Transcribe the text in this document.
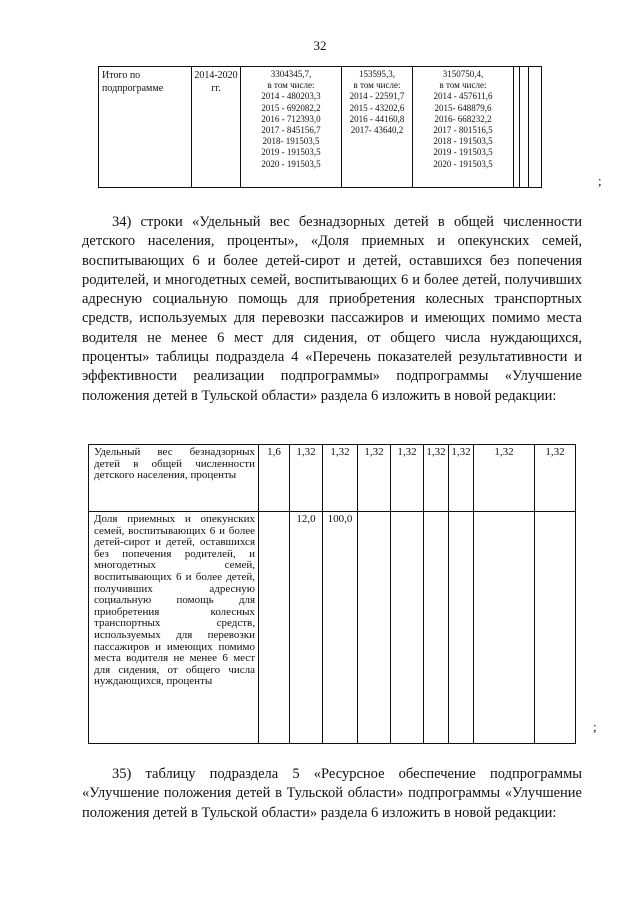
32
Итого по подпрограмме	2014-2020 гг.	
3304345,7,
в том числе:
2014 - 480203,3
2015 - 692082,2
2016 - 712393,0
2017 - 845156,7
2018- 191503,5
2019 - 191503,5
2020 - 191503,5

153595,3,
в том числе:
2014 - 22591,7
2015 - 43202,6
2016 - 44160,8
2017- 43640,2

3150750,4,
в том числе:
2014 - 457611,6
2015- 648879,6
2016- 668232,2
2017 - 801516,5
2018 - 191503,5
2019 - 191503,5
2020 - 191503,5

;

34) строки «Удельный вес безнадзорных детей в общей численности детского населения, проценты», «Доля приемных и опекунских семей, воспитывающих 6 и более детей-сирот и детей, оставшихся без попечения родителей, и многодетных семей, воспитывающих 6 и более детей, получивших адресную социальную помощь для приобретения колесных транспортных средств, используемых для перевозки пассажиров и имеющих помимо места водителя не менее 6 мест для сидения, от общего числа нуждающихся, проценты» таблицы подраздела 4 «Перечень показателей результативности и эффективности реализации подпрограммы» подпрограммы «Улучшение положения детей в Тульской области» раздела 6 изложить в новой редакции:

Удельный вес безнадзорных детей в общей численности детского населения, проценты	1,6	1,32	1,32	1,32	1,32	1,32	1,32	1,32	1,32
Доля приемных и опекунских семей, воспитывающих 6 и более детей-сирот и детей, оставшихся без попечения родителей, и многодетных семей, воспитывающих 6 и более детей, получивших адресную социальную помощь для приобретения колесных транспортных средств, используемых для перевозки пассажиров и имеющих помимо места водителя не менее 6 мест для сидения, от общего числа нуждающихся, проценты		12,0	100,0						
;

35) таблицу подраздела 5 «Ресурсное обеспечение подпрограммы «Улучшение положения детей в Тульской области» подпрограммы «Улучшение положения детей в Тульской области» раздела 6 изложить в новой редакции:
